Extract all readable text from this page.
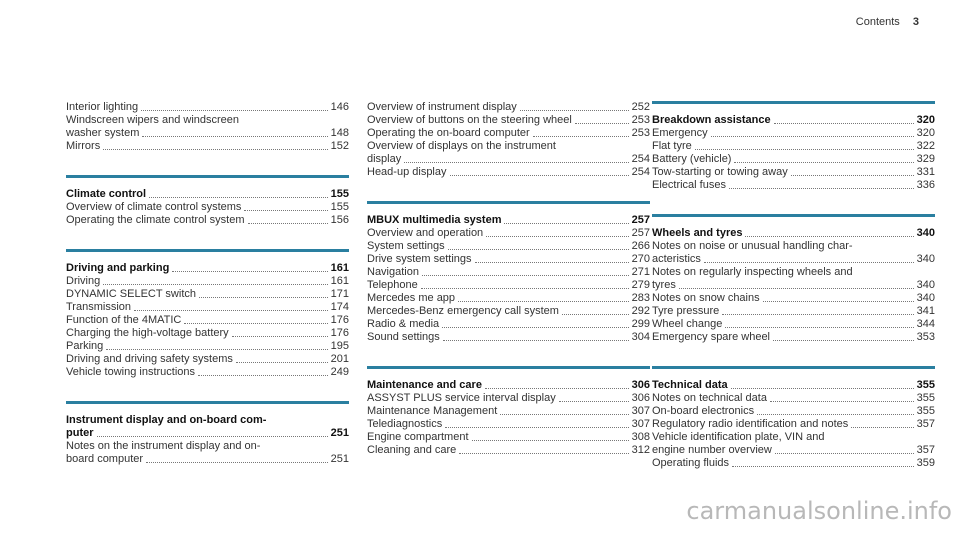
Contents 3
Interior lighting	146
Windscreen wipers and windscreen
washer system	148
Mirrors	152
Climate control	155
Overview of climate control systems	155
Operating the climate control system	156
Driving and parking	161
Driving	161
DYNAMIC SELECT switch	171
Transmission	174
Function of the 4MATIC	176
Charging the high-voltage battery	176
Parking	195
Driving and driving safety systems	201
Vehicle towing instructions	249
Instrument display and on-board com-
puter	251
Notes on the instrument display and on-
board computer	251
Overview of instrument display	252
Overview of buttons on the steering wheel	253
Operating the on-board computer	253
Overview of displays on the instrument
display	254
Head-up display	254
MBUX multimedia system	257
Overview and operation	257
System settings	266
Drive system settings	270
Navigation	271
Telephone	279
Mercedes me app	283
Mercedes-Benz emergency call system	292
Radio & media	299
Sound settings	304
Maintenance and care	306
ASSYST PLUS service interval display	306
Maintenance Management	307
Telediagnostics	307
Engine compartment	308
Cleaning and care	312
Breakdown assistance	320
Emergency	320
Flat tyre	322
Battery (vehicle)	329
Tow-starting or towing away	331
Electrical fuses	336
Wheels and tyres	340
Notes on noise or unusual handling char-
acteristics	340
Notes on regularly inspecting wheels and
tyres	340
Notes on snow chains	340
Tyre pressure	341
Wheel change	344
Emergency spare wheel	353
Technical data	355
Notes on technical data	355
On-board electronics	355
Regulatory radio identification and notes	357
Vehicle identification plate, VIN and
engine number overview	357
Operating fluids	359
carmanualsonline.info
